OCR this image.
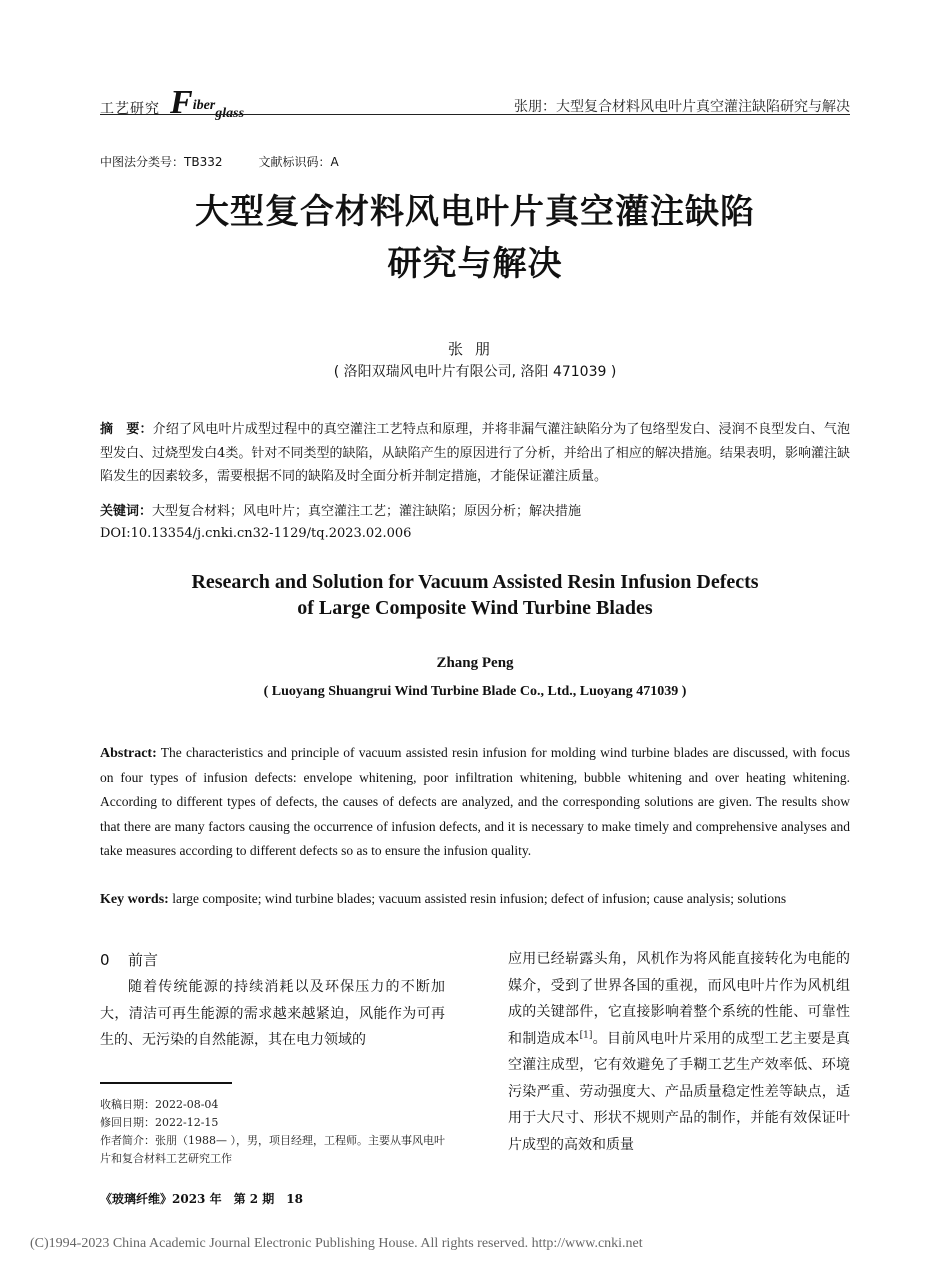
工艺研究 Fiberglass	张朋：大型复合材料风电叶片真空灌注缺陷研究与解决
中图法分类号：TB332	文献标识码：A
大型复合材料风电叶片真空灌注缺陷
研究与解决
张朋
( 洛阳双瑞风电叶片有限公司, 洛阳 471039 )
摘　要：介绍了风电叶片成型过程中的真空灌注工艺特点和原理，并将非漏气灌注缺陷分为了包络型发白、浸润不良型发白、气泡型发白、过烧型发白4类。针对不同类型的缺陷，从缺陷产生的原因进行了分析，并给出了相应的解决措施。结果表明，影响灌注缺陷发生的因素较多，需要根据不同的缺陷及时全面分析并制定措施，才能保证灌注质量。
关键词：大型复合材料；风电叶片；真空灌注工艺；灌注缺陷；原因分析；解决措施
DOI:10.13354/j.cnki.cn32-1129/tq.2023.02.006
Research and Solution for Vacuum Assisted Resin Infusion Defects
of Large Composite Wind Turbine Blades
Zhang Peng
( Luoyang Shuangrui Wind Turbine Blade Co., Ltd., Luoyang 471039 )
Abstract: The characteristics and principle of vacuum assisted resin infusion for molding wind turbine blades are discussed, with focus on four types of infusion defects: envelope whitening, poor infiltration whitening, bubble whitening and over heating whitening. According to different types of defects, the causes of defects are analyzed, and the corresponding solutions are given. The results show that there are many factors causing the occurrence of infusion defects, and it is necessary to make timely and comprehensive analyses and take measures according to different defects so as to ensure the infusion quality.
Key words: large composite; wind turbine blades; vacuum assisted resin infusion; defect of infusion; cause analysis; solutions
0 前言

随着传统能源的持续消耗以及环保压力的不断加大，清洁可再生能源的需求越来越紧迫，风能作为可再生的、无污染的自然能源，其在电力领域的

应用已经崭露头角，风机作为将风能直接转化为电能的媒介，受到了世界各国的重视，而风电叶片作为风机组成的关键部件，它直接影响着整个系统的性能、可靠性和制造成本[1]。目前风电叶片采用的成型工艺主要是真空灌注成型，它有效避免了手糊工艺生产效率低、环境污染严重、劳动强度大、产品质量稳定性差等缺点，适用于大尺寸、形状不规则产品的制作，并能有效保证叶片成型的高效和质量

收稿日期：2022-08-04

修回日期：2022-12-15

作者简介：张朋（1988— ），男，项目经理，工程师。主要从事风电叶片和复合材料工艺研究工作

《玻璃纤维》2023 年　第 2 期　18
(C)1994-2023 China Academic Journal Electronic Publishing House. All rights reserved. http://www.cnki.net
